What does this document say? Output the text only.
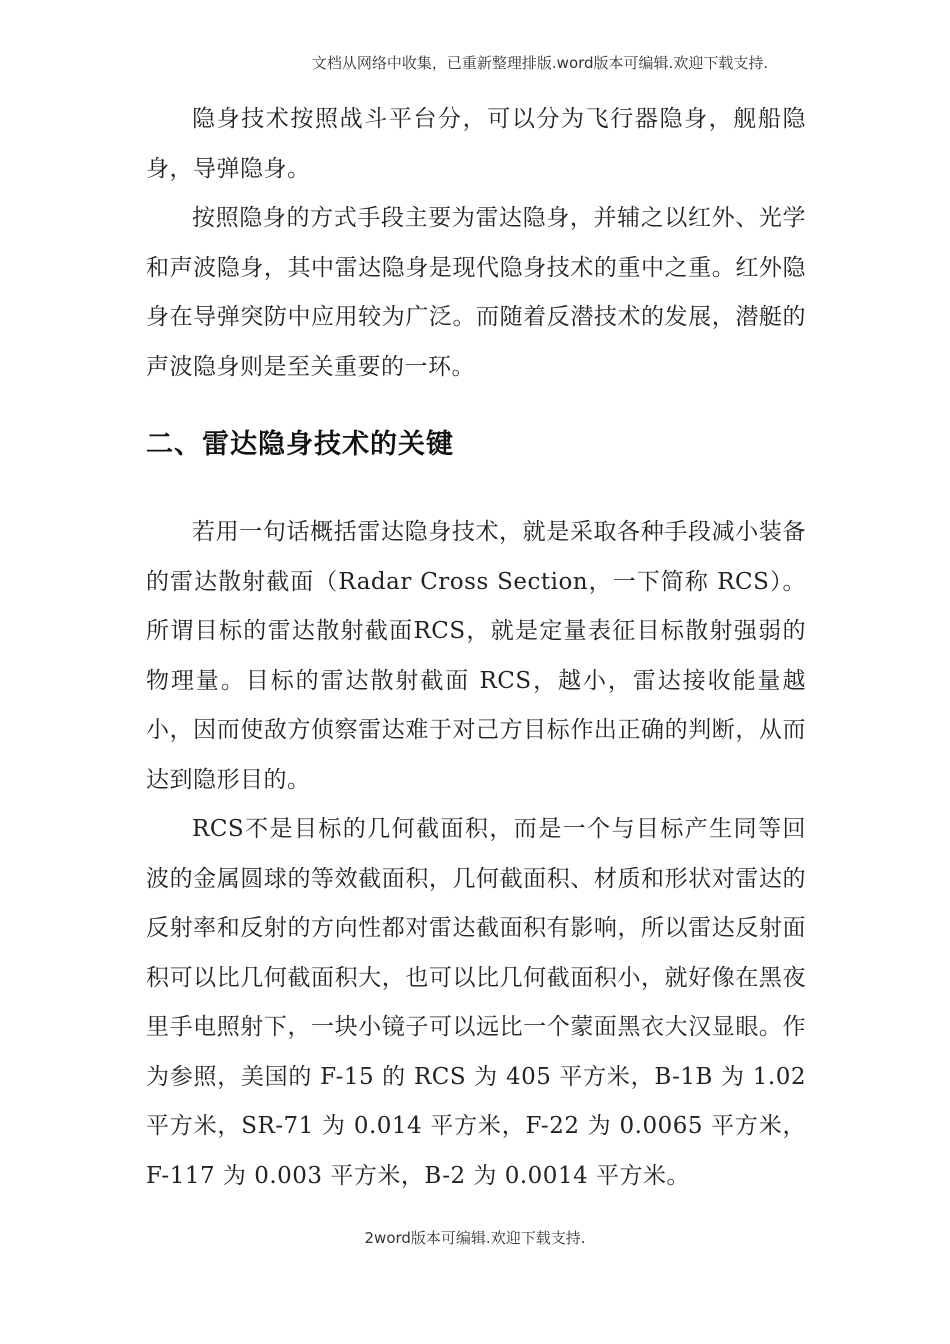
文档从网络中收集，已重新整理排版.word版本可编辑.欢迎下载支持.

隐身技术按照战斗平台分，可以分为飞行器隐身，舰船隐身，导弹隐身。

按照隐身的方式手段主要为雷达隐身，并辅之以红外、光学和声波隐身，其中雷达隐身是现代隐身技术的重中之重。红外隐身在导弹突防中应用较为广泛。而随着反潜技术的发展，潜艇的声波隐身则是至关重要的一环。

二、雷达隐身技术的关键

若用一句话概括雷达隐身技术，就是采取各种手段减小装备的雷达散射截面（Radar Cross Section，一下简称 RCS）。所谓目标的雷达散射截面RCS，就是定量表征目标散射强弱的物理量。目标的雷达散射截面 RCS，越小，雷达接收能量越小，因而使敌方侦察雷达难于对己方目标作出正确的判断，从而达到隐形目的。

RCS不是目标的几何截面积，而是一个与目标产生同等回波的金属圆球的等效截面积，几何截面积、材质和形状对雷达的反射率和反射的方向性都对雷达截面积有影响，所以雷达反射面积可以比几何截面积大，也可以比几何截面积小，就好像在黑夜里手电照射下，一块小镜子可以远比一个蒙面黑衣大汉显眼。作为参照，美国的 F-15 的 RCS 为 405 平方米，B-1B 为 1.02 平方米，SR-71 为 0.014 平方米，F-22 为 0.0065 平方米，F-117 为 0.003 平方米，B-2 为 0.0014 平方米。

2word版本可编辑.欢迎下载支持.
